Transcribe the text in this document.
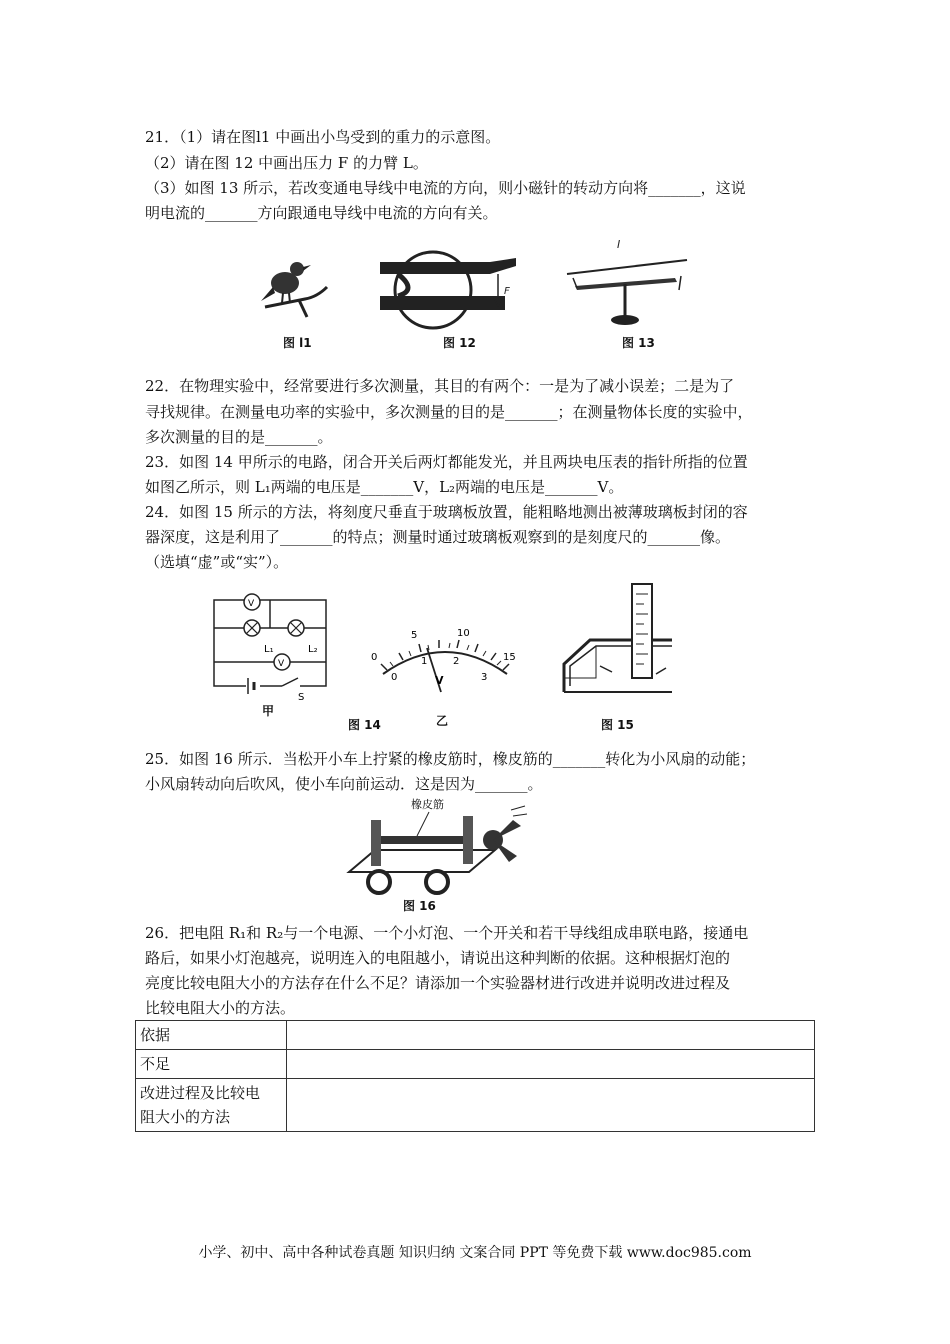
21．（1）请在图l1 中画出小鸟受到的重力的示意图。
（2）请在图 12 中画出压力 F 的力臂 L。
（3）如图 13 所示，若改变通电导线中电流的方向，则小磁针的转动方向将_______，这说
明电流的_______方向跟通电导线中电流的方向有关。
图 l1
F
图 12
I
图 13
22．在物理实验中，经常要进行多次测量，其目的有两个：一是为了减小误差；二是为了
寻找规律。在测量电功率的实验中，多次测量的目的是_______；在测量物体长度的实验中，
多次测量的目的是_______。
23．如图 14 甲所示的电路，闭合开关后两灯都能发光，并且两块电压表的指针所指的位置
如图乙所示，则 L₁两端的电压是_______V，L₂两端的电压是_______V。
24．如图 15 所示的方法，将刻度尺垂直于玻璃板放置，能粗略地测出被薄玻璃板封闭的容
器深度，这是利用了_______的特点；测量时通过玻璃板观察到的是刻度尺的_______像。
（选填“虚”或“实”）。
V
V
L₁	L₂
S
甲
0
5	10
15
0
1	2
3
V
乙
图 14	图 15
25．如图 16 所示．当松开小车上拧紧的橡皮筋时，橡皮筋的_______转化为小风扇的动能；
小风扇转动向后吹风，使小车向前运动．这是因为_______。
橡皮筋
图 16
26．把电阻 R₁和 R₂与一个电源、一个小灯泡、一个开关和若干导线组成串联电路，接通电
路后，如果小灯泡越亮，说明连入的电阻越小，请说出这种判断的依据。这种根据灯泡的
亮度比较电阻大小的方法存在什么不足？请添加一个实验器材进行改进并说明改进过程及
比较电阻大小的方法。
依据	
不足	

改进过程及比较电
阻大小的方法	

小学、初中、高中各种试卷真题 知识归纳 文案合同 PPT 等免费下载 www.doc985.com
